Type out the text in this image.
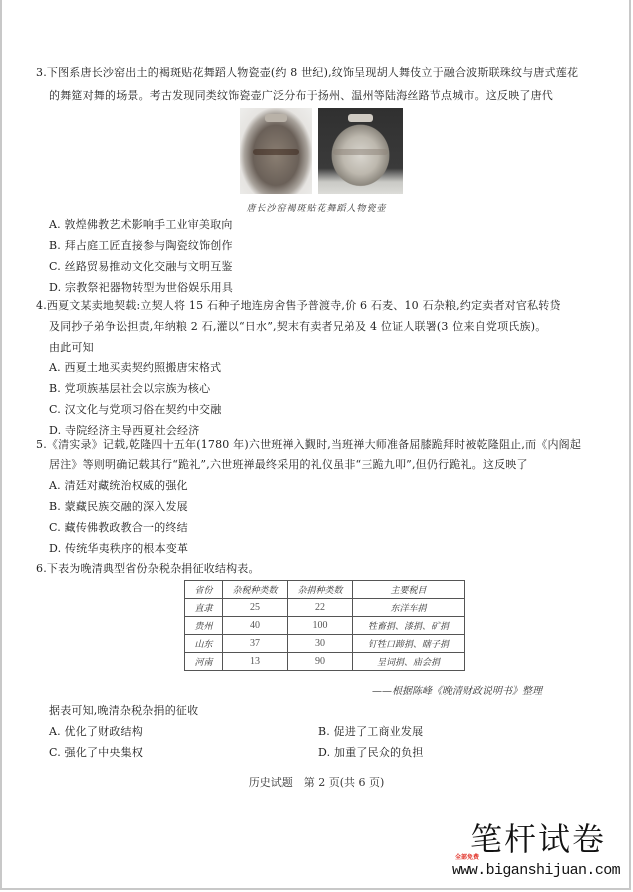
3.下图系唐长沙窑出土的褐斑贴花舞蹈人物瓷壶(约 8 世纪),纹饰呈现胡人舞伎立于融合波斯联珠纹与唐式莲花
的舞筵对舞的场景。考古发现同类纹饰瓷壶广泛分布于扬州、温州等陆海丝路节点城市。这反映了唐代
唐长沙窑褐斑贴花舞蹈人物瓷壶
A. 敦煌佛教艺术影响手工业审美取向
B. 拜占庭工匠直接参与陶瓷纹饰创作
C. 丝路贸易推动文化交融与文明互鉴
D. 宗教祭祀器物转型为世俗娱乐用具
4.西夏文某卖地契载:立契人将 15 石种子地连房舍售予普渡寺,价 6 石麦、10 石杂粮,约定卖者对官私转贷
及同抄子弟争讼担责,年纳粮 2 石,灌以“日水”,契末有卖者兄弟及 4 位证人联署(3 位来自党项氏族)。
由此可知
A. 西夏土地买卖契约照搬唐宋格式
B. 党项族基层社会以宗族为核心
C. 汉文化与党项习俗在契约中交融
D. 寺院经济主导西夏社会经济
5.《清实录》记载,乾隆四十五年(1780 年)六世班禅入觐时,当班禅大师准备屈膝跪拜时被乾隆阻止,而《内阁起
居注》等则明确记载其行“跪礼”,六世班禅最终采用的礼仪虽非“三跪九叩”,但仍行跪礼。这反映了
A. 清廷对藏统治权威的强化
B. 蒙藏民族交融的深入发展
C. 藏传佛教政教合一的终结
D. 传统华夷秩序的根本变革
6.下表为晚清典型省份杂税杂捐征收结构表。
省份	杂税种类数	杂捐种类数	主要税目
直隶	25	22	东洋车捐
贵州	40	100	牲畜捐、漆捐、矿捐
山东	37	30	钉牲口蹄捐、瞎子捐
河南	13	90	呈词捐、庙会捐
——根据陈峰《晚清财政说明书》整理
据表可知,晚清杂税杂捐的征收
A. 优化了财政结构	B. 促进了工商业发展
C. 强化了中央集权	D. 加重了民众的负担
历史试题　第 2 页(共 6 页)
笔杆试卷
全部免费
www.biganshijuan.com
